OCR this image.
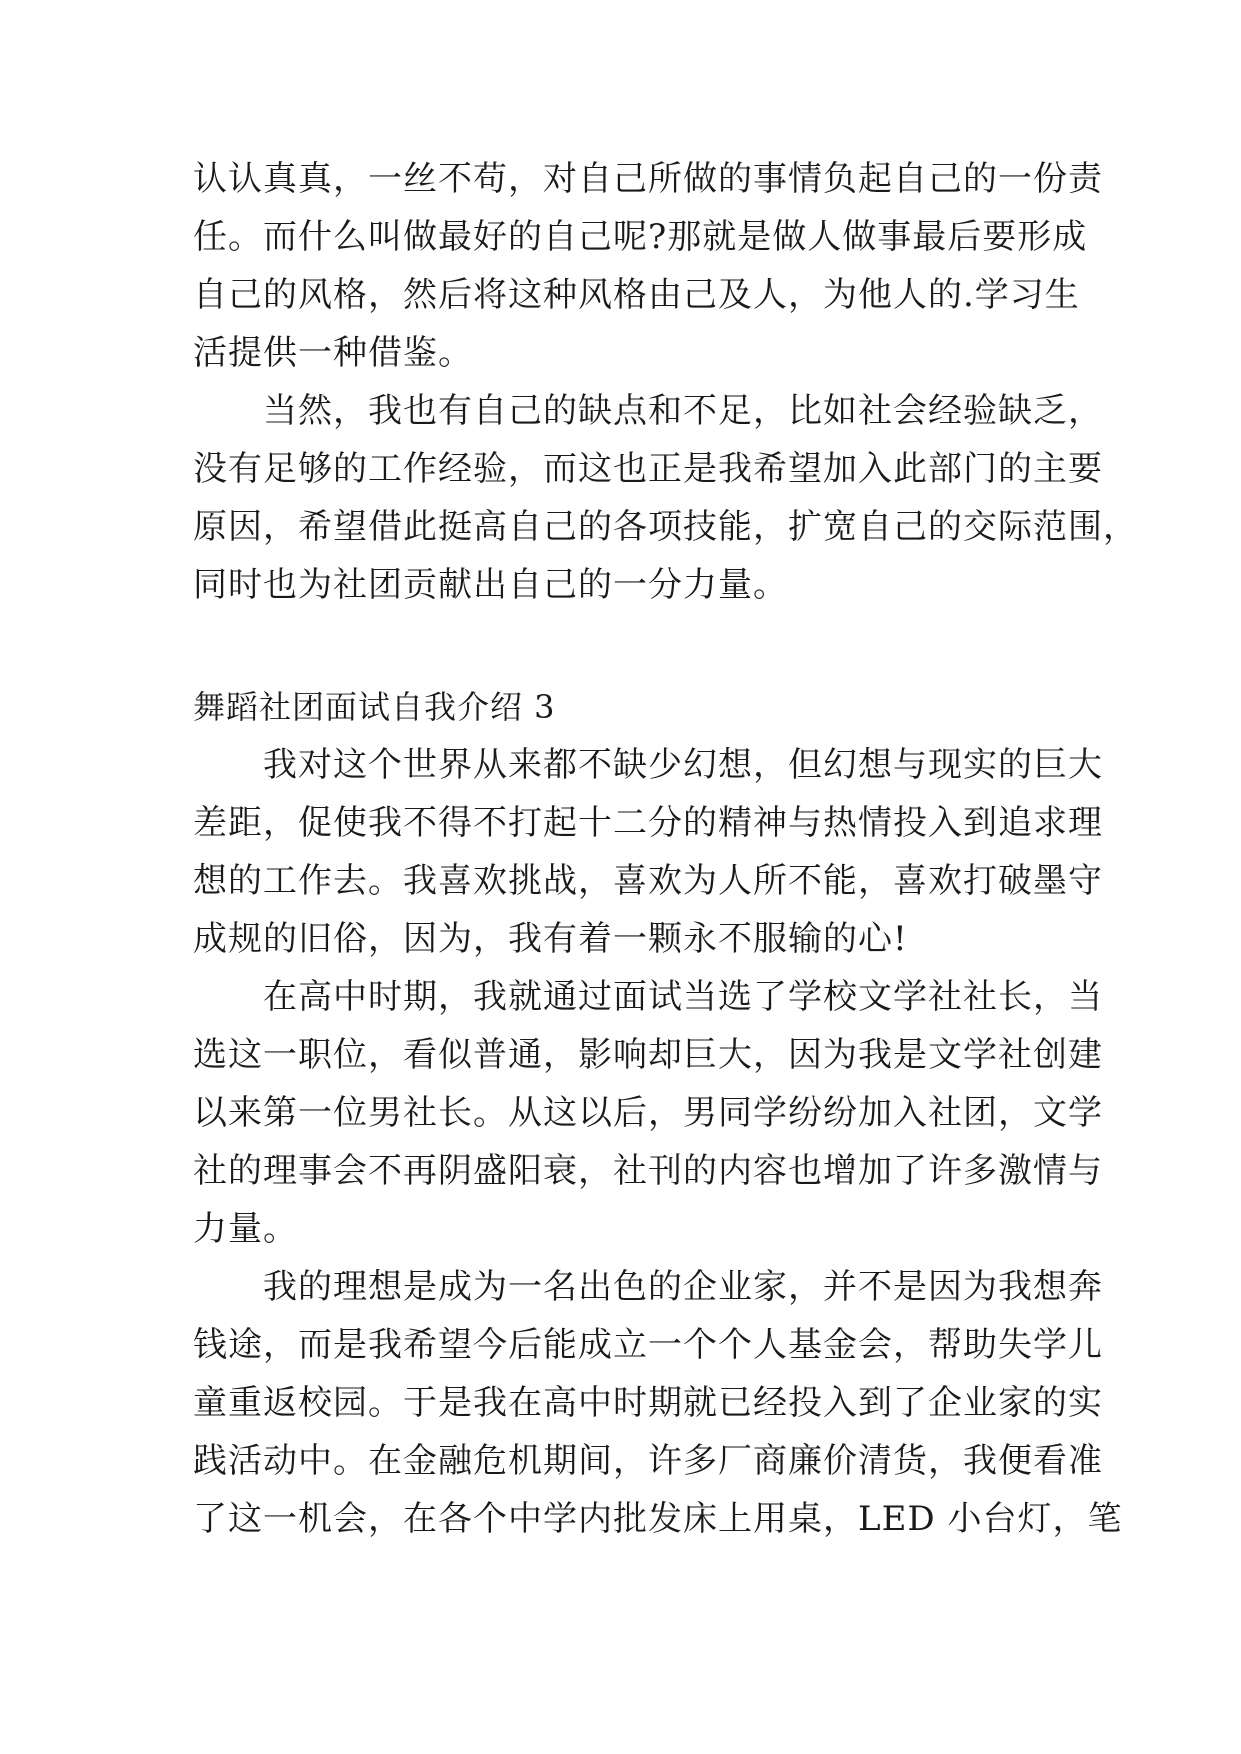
认认真真，一丝不苟，对自己所做的事情负起自己的一份责
任。而什么叫做最好的自己呢?那就是做人做事最后要形成
自己的风格，然后将这种风格由己及人，为他人的.学习生
活提供一种借鉴。
　　当然，我也有自己的缺点和不足，比如社会经验缺乏，
没有足够的工作经验，而这也正是我希望加入此部门的主要
原因，希望借此挺高自己的各项技能，扩宽自己的交际范围，
同时也为社团贡献出自己的一分力量。
舞蹈社团面试自我介绍 3
　　我对这个世界从来都不缺少幻想，但幻想与现实的巨大
差距，促使我不得不打起十二分的精神与热情投入到追求理
想的工作去。我喜欢挑战，喜欢为人所不能，喜欢打破墨守
成规的旧俗，因为，我有着一颗永不服输的心!
　　在高中时期，我就通过面试当选了学校文学社社长，当
选这一职位，看似普通，影响却巨大，因为我是文学社创建
以来第一位男社长。从这以后，男同学纷纷加入社团，文学
社的理事会不再阴盛阳衰，社刊的内容也增加了许多激情与
力量。
　　我的理想是成为一名出色的企业家，并不是因为我想奔
钱途，而是我希望今后能成立一个个人基金会，帮助失学儿
童重返校园。于是我在高中时期就已经投入到了企业家的实
践活动中。在金融危机期间，许多厂商廉价清货，我便看准
了这一机会，在各个中学内批发床上用桌，LED 小台灯，笔
